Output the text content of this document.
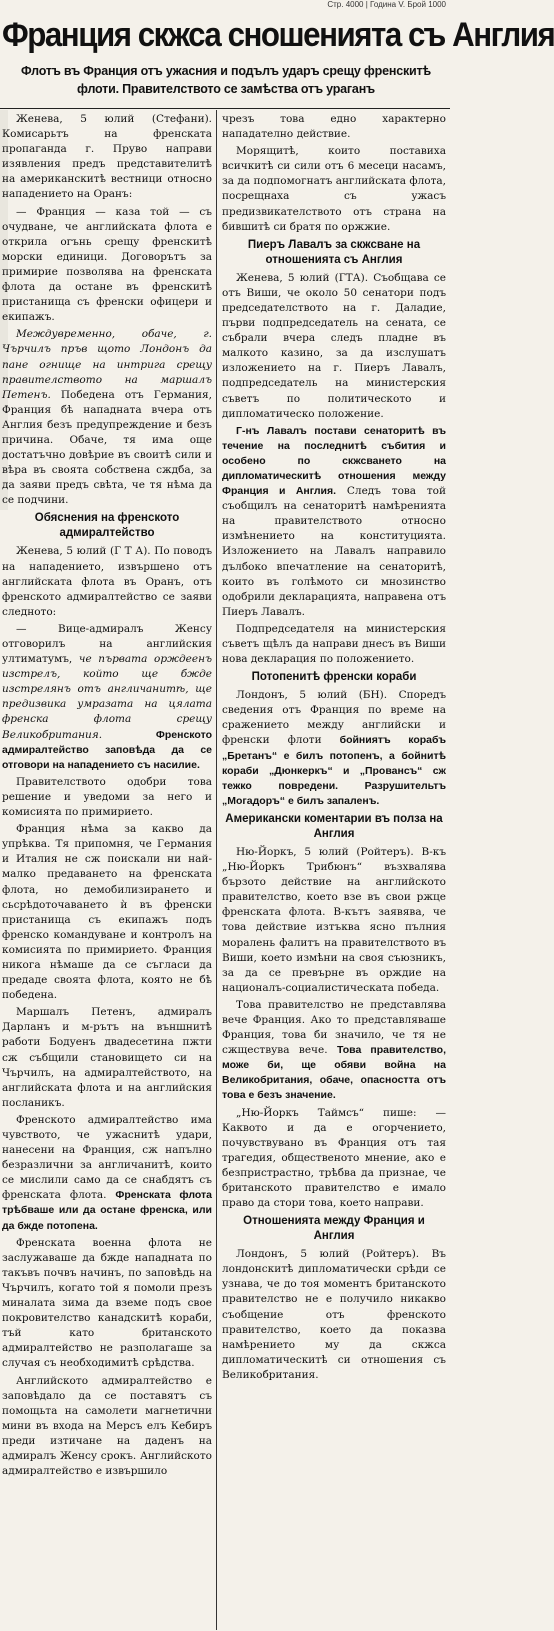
Стр. 4000 | Година V. Брой 1000
Франция скжса сношенията съ Англия
Флотъ въ Франция отъ ужасния и подълъ ударъ срещу френскитѣ флоти. Правителството се замѣства отъ ураганъ

Женева, 5 юлий (Стефани). Комисарьтъ на френската пропаганда г. Пруво направи изявления предъ представителитѣ на американскитѣ вестници относно нападението на Оранъ:

— Франция — каза той — съ очудване, че английската флота е открила огънь срещу френскитѣ морски единици. Договорътъ за примирие позволява на френската флота да остане въ френскитѣ пристанища съ френски офицери и екипажъ.

Междувременно, обаче, г. Чърчилъ пръв щото Лондонъ да пане огнище на интрига срещу правителството на маршалъ Петенъ. Победена отъ Германия, Франция бѣ нападната вчера отъ Англия безъ предупреждение и безъ причина. Обаче, тя има още достатъчно довѣрие въ своитѣ сили и вѣра въ своята собствена сждба, за да заяви предъ свѣта, че тя нѣма да се подчини.

Обяснения на френското адмиралтейство

Женева, 5 юлий (Г Т А). По поводъ на нападението, извършено отъ английската флота въ Оранъ, отъ френското адмиралтейство се заяви следното:

— Вице-адмиралъ Женсу отговорилъ на английския ултиматумъ, че първата орждеенъ изстрелъ, който ще бжде изстрелянъ отъ англичанитѣ, ще предизвика умразата на цялата френска флота срещу Великобритания.	Френското адмиралтейство заповѣда да се отговори на нападението съ насилие.

Правителството одобри това решение и уведоми за него и комисията по примирието.

Франция нѣма за какво да упрѣква. Тя припомня, че Германия и Италия не сж поискали ни най-малко предаването на френската флота, но демобилизирането и сьсрѣдоточаването ѝ въ френски пристанища съ екипажъ подъ френско командуване и контролъ на комисията по примирието. Франция никога нѣмаше да се съгласи да предаде своята флота, която не бѣ победена.

Маршалъ Петенъ, адмиралъ Дарланъ и м-рътъ на външнитѣ работи Бодуенъ двадесетина пжти сж събщили становището си на Чърчилъ, на адмиралтейството, на английската флота и на английския посланикъ.

Френското адмиралтейство има чувството, че ужаснитѣ удари, нанесени на Франция, сж напълно безразлични за англичанитѣ, които се мислили само да се снабдятъ съ френската флота. Френската флота трѣбваше или да остане френска, или да бжде потопена.

Френската военна флота не заслужаваше да бжде нападната по такъвъ почвъ начинъ, по заповѣдь на Чърчилъ, когато той я помоли презъ миналата зима да вземе подъ свое покровителство канадскитѣ кораби, тъй като британското адмиралтейство не разполагаше за случая съ необходимитѣ срѣдства.

Английското адмиралтейство е заповѣдало да се поставятъ съ помощьта на самолети магнетични мини въ входа на Мерсъ елъ Кебиръ преди изтичане на даденъ на адмиралъ Женсу срокъ. Английското адмиралтейство е извършило

чрезъ това едно характерно нападателно действие.

Морящитѣ, които поставиха всичкитѣ си сили отъ 6 месеци насамъ, за да подпомогнатъ английската флота, посрещнаха съ ужасъ предизвикателството отъ страна на бившитѣ си братя по оржжие.

Пиеръ Лавалъ за скжсване на отношенията съ Англия

Женева, 5 юлий (ГТА). Съобщава се отъ Виши, че около 50 сенатори подъ председателството на г. Даладие, първи подпредседатель на сената, се събрали вчера следъ пладне въ малкото казино, за да изслушатъ изложението на г. Пиеръ Лавалъ, подпредседатель на министерския съветъ по политическото и дипломатическо положение.

Г-нъ Лавалъ постави сенаторитѣ въ течение на последнитѣ събития и особено по скжсването на дипломатическитѣ отношения между Франция и Англия. Следъ това той съобщилъ на сенаторитѣ намѣренията на правителството относно измѣнението на конституцията. Изложението на Лавалъ направило дълбоко впечатление на сенаторитѣ, които въ голѣмото си мнозинство одобрили декларацията, направена отъ Пиеръ Лавалъ.

Подпредседателя на министерския съветъ щѣлъ да направи днесъ въ Виши нова декларация по положението.

Потопенитѣ френски кораби

Лондонъ, 5 юлий (БН). Споредъ сведения отъ Франция по време на сражението между английски и френски флоти бойниятъ корабъ „Бретанъ“ е билъ потопенъ, а бойнитѣ кораби „Дюнкеркъ“ и „Провансъ“ сж тежко повредени. Разрушительтъ „Могадоръ“ е билъ запаленъ.

Американски коментарии въ полза на Англия

Ню-Йоркъ, 5 юлий (Ройтеръ). В-къ „Ню-Йоркъ Трибюнъ“ възхвалява бързото действие на английското правителство, което взе въ свои ржце френската флота. В-кътъ заявява, че това действие изтъква ясно пълния моралень фалитъ на правителството въ Виши, което измѣни на своя съюзникъ, за да се превърне въ орждие на националъ-социалистическата победа.

Това правителство не представлява вече Франция. Ако то представляваше Франция, това би значило, че тя не сжществува вече. Това правителство, може би, ще обяви война на Великобритания, обаче, опасността отъ това е безъ значение.

„Ню-Йоркъ Таймсъ“ пише: — Каквото и да е огорчението, почувствувано въ Франция отъ тая трагедия, общественото мнение, ако е безпристрастно, трѣбва да признае, че британското правителство е имало право да стори това, което направи.

Отношенията между Франция и Англия

Лондонъ, 5 юлий (Ройтеръ). Въ лондонскитѣ дипломатически срѣди се узнава, че до тоя моментъ британското правителство не е получило никакво съобщение отъ френското правителство, което да показва намѣрението му да скжса дипломатическитѣ си отношения съ Великобритания.
